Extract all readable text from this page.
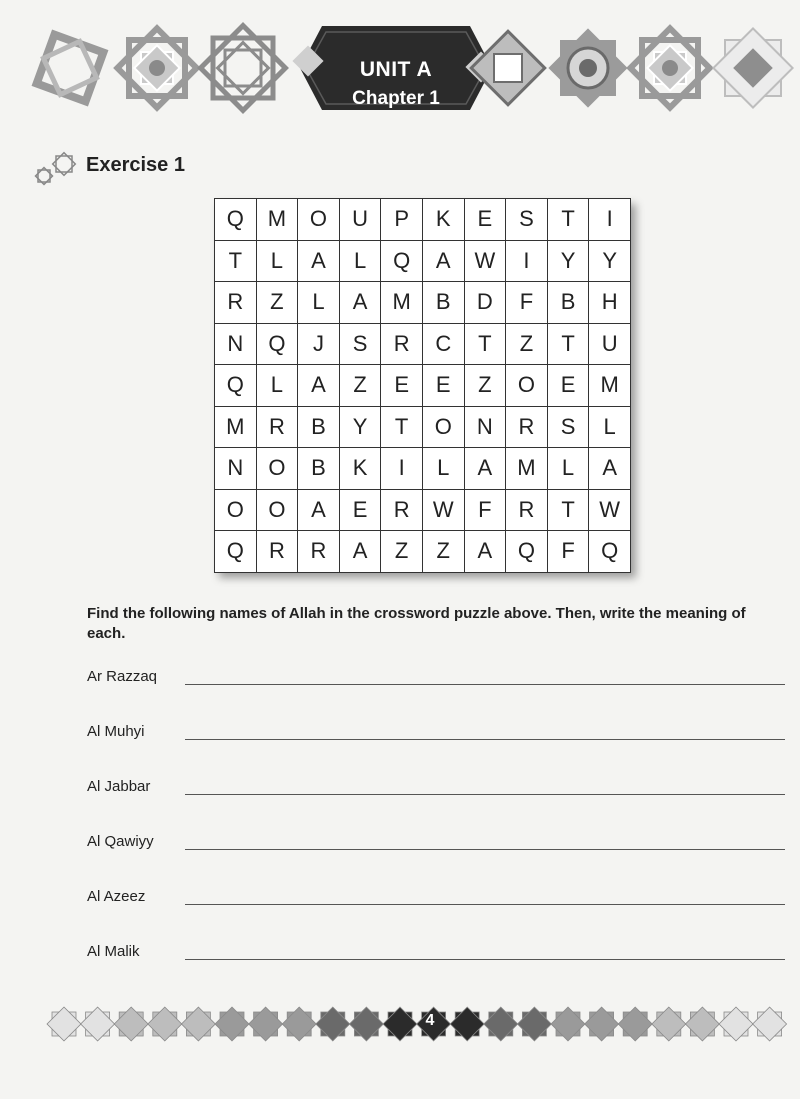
UNIT A
Chapter 1
Exercise 1
Q	M	O	U	P	K	E	S	T	I
T	L	A	L	Q	A	W	I	Y	Y
R	Z	L	A	M	B	D	F	B	H
N	Q	J	S	R	C	T	Z	T	U
Q	L	A	Z	E	E	Z	O	E	M
M	R	B	Y	T	O	N	R	S	L
N	O	B	K	I	L	A	M	L	A
O	O	A	E	R	W	F	R	T	W
Q	R	R	A	Z	Z	A	Q	F	Q
Find the following names of Allah in the crossword puzzle above. Then, write the meaning of each.
Ar Razzaq
Al Muhyi
Al Jabbar
Al Qawiyy
Al Azeez
Al Malik
4
